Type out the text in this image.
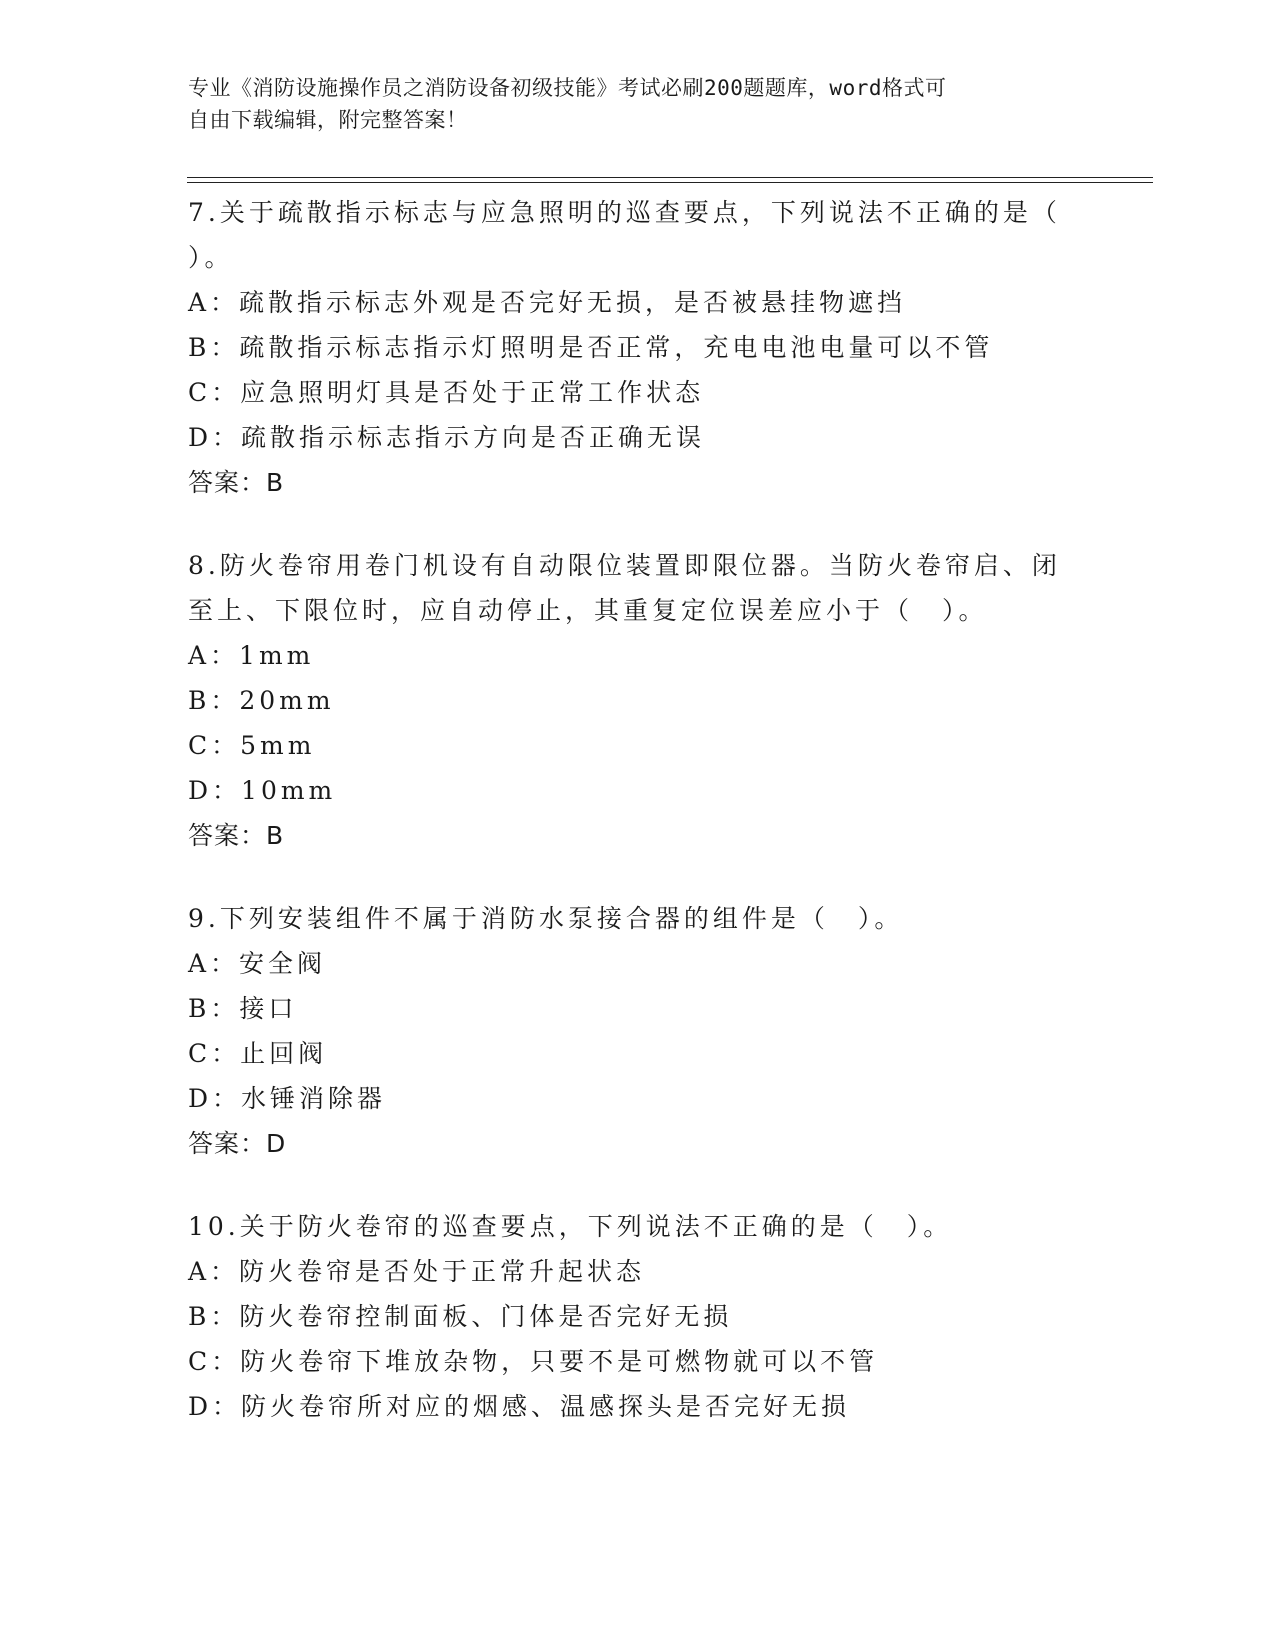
专业《消防设施操作员之消防设备初级技能》考试必刷200题题库，word格式可
自由下载编辑，附完整答案！
7.关于疏散指示标志与应急照明的巡查要点，下列说法不正确的是（
）。
A：疏散指示标志外观是否完好无损，是否被悬挂物遮挡
B：疏散指示标志指示灯照明是否正常，充电电池电量可以不管
C：应急照明灯具是否处于正常工作状态
D：疏散指示标志指示方向是否正确无误
答案：B
8.防火卷帘用卷门机设有自动限位装置即限位器。当防火卷帘启、闭
至上、下限位时，应自动停止，其重复定位误差应小于（　）。
A：1mm
B：20mm
C：5mm
D：10mm
答案：B
9.下列安装组件不属于消防水泵接合器的组件是（　）。
A：安全阀
B：接口
C：止回阀
D：水锤消除器
答案：D
10.关于防火卷帘的巡查要点，下列说法不正确的是（　）。
A：防火卷帘是否处于正常升起状态
B：防火卷帘控制面板、门体是否完好无损
C：防火卷帘下堆放杂物，只要不是可燃物就可以不管
D：防火卷帘所对应的烟感、温感探头是否完好无损
